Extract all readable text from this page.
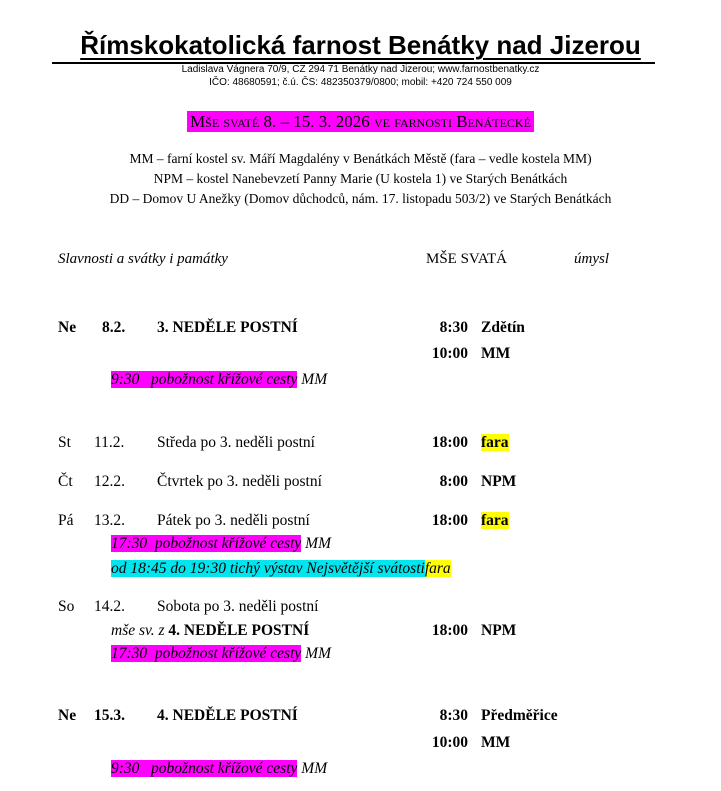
Římskokatolická farnost Benátky nad Jizerou
Ladislava Vágnera 70/9, CZ 294 71 Benátky nad Jizerou; www.farnostbenatky.cz
IČO: 48680591; č.ú. ČS: 482350379/0800; mobil: +420 724 550 009
Mše svaté 8. – 15. 3. 2026 ve farnosti Benátecké
MM – farní kostel sv. Máří Magdalény v Benátkách Městě (fara – vedle kostela MM)
NPM – kostel Nanebevzetí Panny Marie (U kostela 1) ve Starých Benátkách
DD – Domov U Anežky (Domov důchodců, nám. 17. listopadu 503/2) ve Starých Benátkách
Slavnosti a svátky i památky	MŠE SVATÁ	úmysl
Ne 8.2. 3. NEDĚLE POSTNÍ	8:30 Zdětín
10:00 MM
9:30 pobožnost křížové cesty MM
St 11.2. Středa po 3. neděli postní	18:00 fara
Čt 12.2. Čtvrtek po 3. neděli postní	8:00 NPM
Pá 13.2. Pátek po 3. neděli postní	18:00 fara
17:30 pobožnost křížové cesty MM
od 18:45 do 19:30 tichý výstav Nejsvětější svátostifara
So 14.2. Sobota po 3. neděli postní
mše sv. z 4. NEDĚLE POSTNÍ	18:00 NPM
17:30 pobožnost křížové cesty MM
Ne 15.3. 4. NEDĚLE POSTNÍ	8:30 Předměřice
10:00 MM
9:30 pobožnost křížové cesty MM
